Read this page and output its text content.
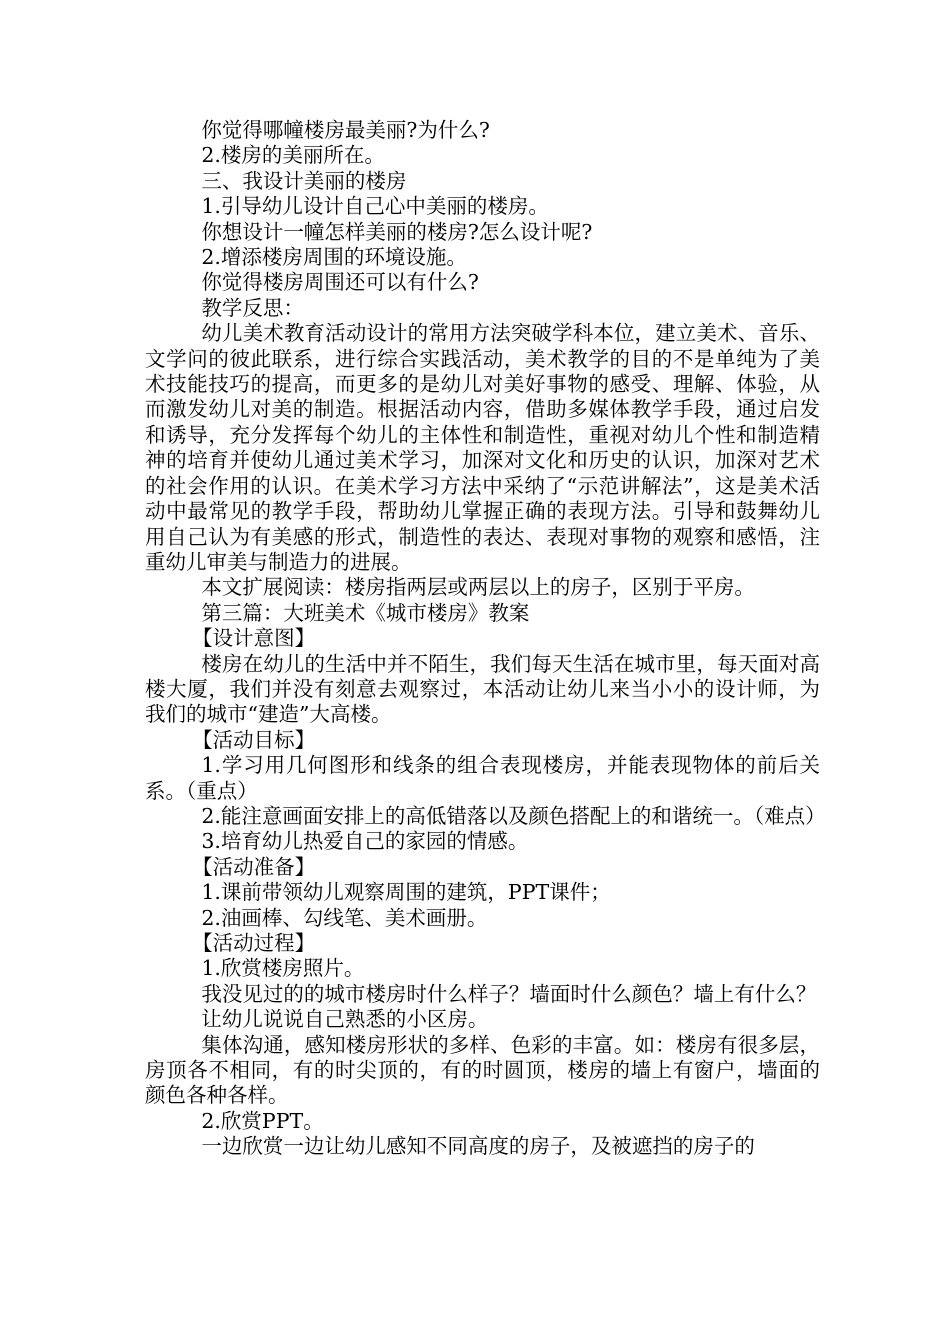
你觉得哪幢楼房最美丽?为什么?

2.楼房的美丽所在。

三、我设计美丽的楼房

1.引导幼儿设计自己心中美丽的楼房。

你想设计一幢怎样美丽的楼房?怎么设计呢?

2.增添楼房周围的环境设施。

你觉得楼房周围还可以有什么?

教学反思：

幼儿美术教育活动设计的常用方法突破学科本位，建立美术、音乐、文学问的彼此联系，进行综合实践活动，美术教学的目的不是单纯为了美术技能技巧的提高，而更多的是幼儿对美好事物的感受、理解、体验，从而激发幼儿对美的制造。根据活动内容，借助多媒体教学手段，通过启发和诱导，充分发挥每个幼儿的主体性和制造性，重视对幼儿个性和制造精神的培育并使幼儿通过美术学习，加深对文化和历史的认识，加深对艺术的社会作用的认识。在美术学习方法中采纳了“示范讲解法”，这是美术活动中最常见的教学手段，帮助幼儿掌握正确的表现方法。引导和鼓舞幼儿用自己认为有美感的形式，制造性的表达、表现对事物的观察和感悟，注重幼儿审美与制造力的进展。

本文扩展阅读：楼房指两层或两层以上的房子，区别于平房。

第三篇：大班美术《城市楼房》教案

【设计意图】

楼房在幼儿的生活中并不陌生，我们每天生活在城市里，每天面对高楼大厦，我们并没有刻意去观察过，本活动让幼儿来当小小的设计师，为我们的城市“建造”大高楼。

【活动目标】

1.学习用几何图形和线条的组合表现楼房，并能表现物体的前后关系。（重点）

2.能注意画面安排上的高低错落以及颜色搭配上的和谐统一。（难点）

3.培育幼儿热爱自己的家园的情感。

【活动准备】

1.课前带领幼儿观察周围的建筑，PPT课件；

2.油画棒、勾线笔、美术画册。

【活动过程】

1.欣赏楼房照片。

我没见过的的城市楼房时什么样子？墙面时什么颜色？墙上有什么？

让幼儿说说自己熟悉的小区房。

集体沟通，感知楼房形状的多样、色彩的丰富。如：楼房有很多层，房顶各不相同，有的时尖顶的，有的时圆顶，楼房的墙上有窗户，墙面的颜色各种各样。

2.欣赏PPT。

一边欣赏一边让幼儿感知不同高度的房子，及被遮挡的房子的
